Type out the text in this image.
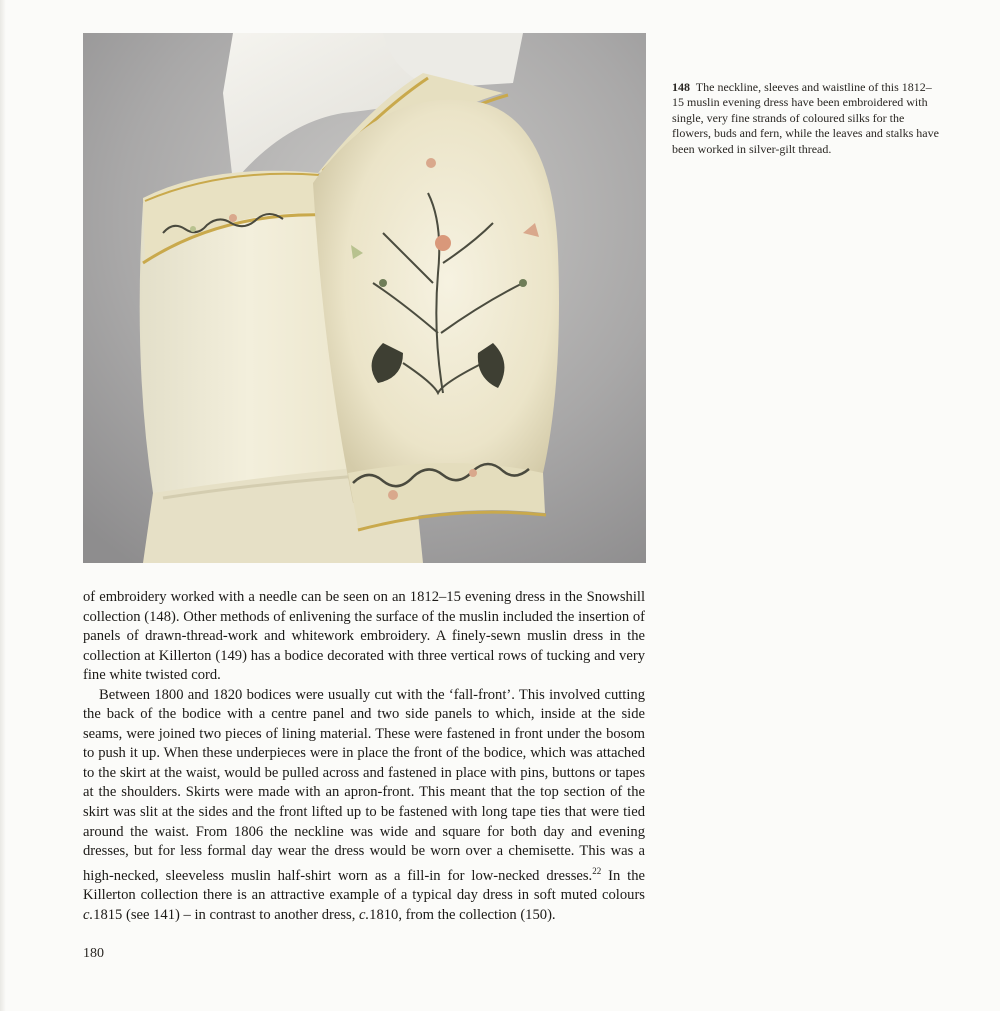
148 The neckline, sleeves and waistline of this 1812–15 muslin evening dress have been embroidered with single, very fine strands of coloured silks for the flowers, buds and fern, while the leaves and stalks have been worked in silver-gilt thread.

of embroidery worked with a needle can be seen on an 1812–15 evening dress in the Snowshill collection (148). Other methods of enlivening the surface of the muslin included the insertion of panels of drawn-thread-work and whitework embroidery. A finely-sewn muslin dress in the collection at Killerton (149) has a bodice decorated with three vertical rows of tucking and very fine white twisted cord.

Between 1800 and 1820 bodices were usually cut with the ‘fall-front’. This involved cutting the back of the bodice with a centre panel and two side panels to which, inside at the side seams, were joined two pieces of lining material. These were fastened in front under the bosom to push it up. When these underpieces were in place the front of the bodice, which was attached to the skirt at the waist, would be pulled across and fastened in place with pins, buttons or tapes at the shoulders. Skirts were made with an apron-front. This meant that the top section of the skirt was slit at the sides and the front lifted up to be fastened with long tape ties that were tied around the waist. From 1806 the neckline was wide and square for both day and evening dresses, but for less formal day wear the dress would be worn over a chemisette. This was a high-necked, sleeveless muslin half-shirt worn as a fill-in for low-necked dresses.$^{22}$ In the Killerton collection there is an attractive example of a typical day dress in soft muted colours c.1815 (see 141) – in contrast to another dress, c.1810, from the collection (150).

180
